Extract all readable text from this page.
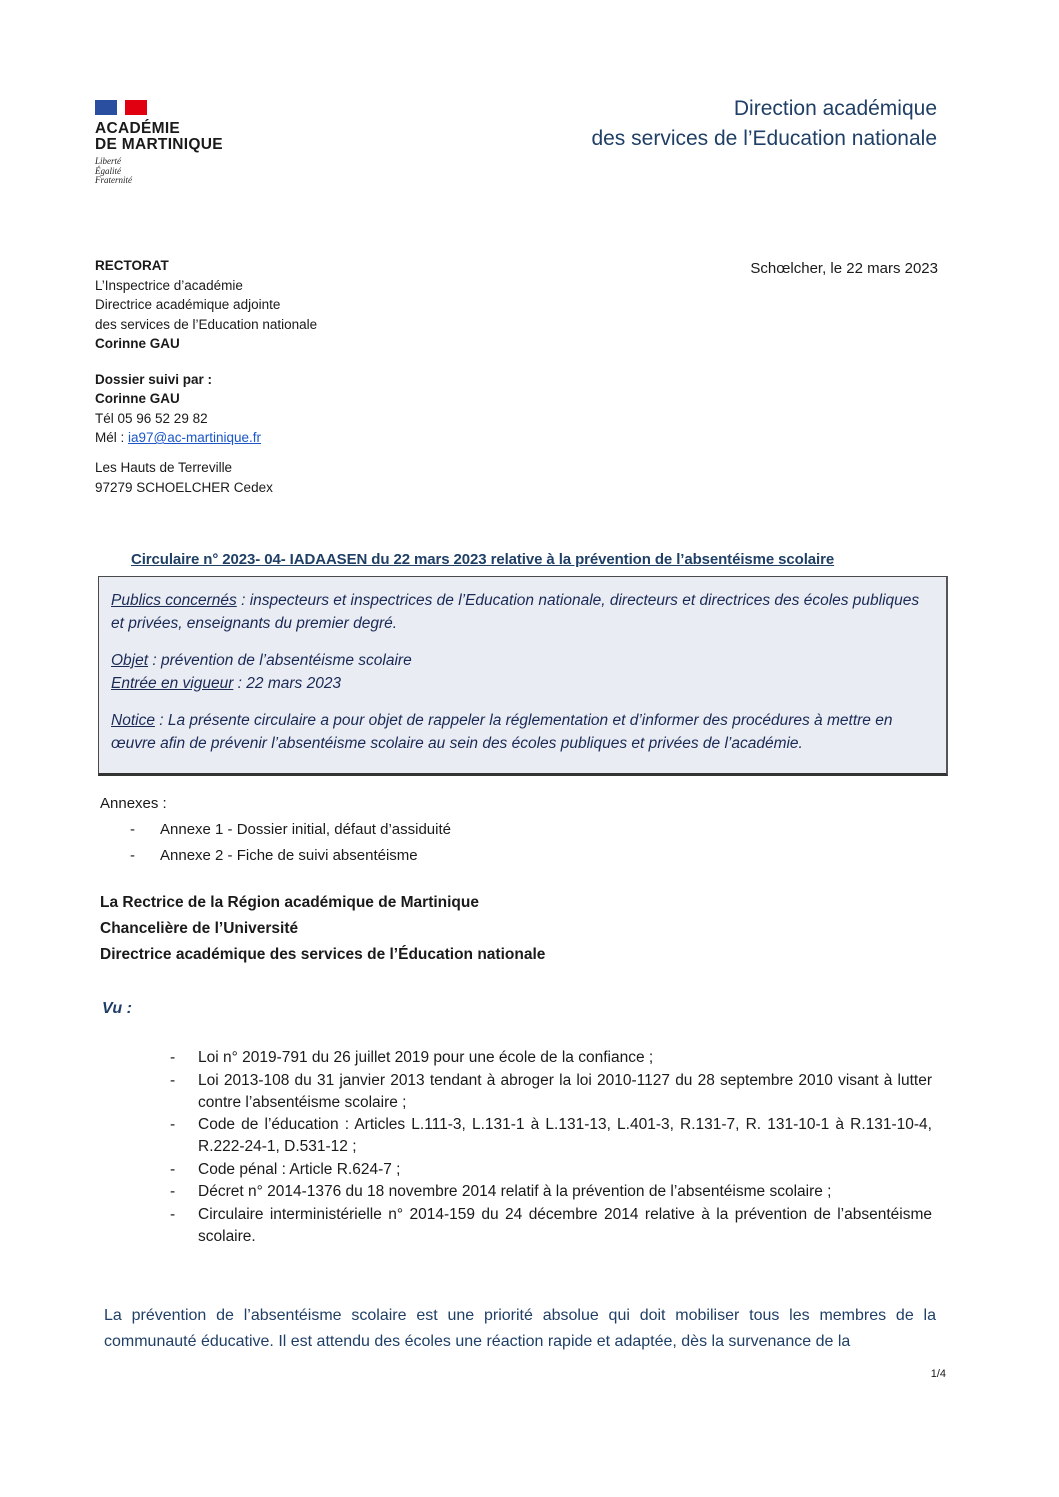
ACADÉMIE
DE MARTINIQUE
Liberté
Égalité
Fraternité
Direction académique
des services de l’Education nationale
RECTORAT
L’Inspectrice d’académie
Directrice académique adjointe
des services de l’Education nationale
Corinne GAU
Dossier suivi par :
Corinne GAU
Tél 05 96 52 29 82
Mél : ia97@ac-martinique.fr
Les Hauts de Terreville
97279 SCHOELCHER Cedex
Schœlcher, le 22 mars 2023
Circulaire n° 2023- 04- IADAASEN du 22 mars 2023 relative à la prévention de l’absentéisme scolaire

Publics concernés : inspecteurs et inspectrices de l’Education nationale, directeurs et directrices des écoles publiques et privées, enseignants du premier degré.

Objet : prévention de l’absentéisme scolaire
Entrée en vigueur : 22 mars 2023

Notice : La présente circulaire a pour objet de rappeler la réglementation et d’informer des procédures à mettre en œuvre afin de prévenir l’absentéisme scolaire au sein des écoles publiques et privées de l’académie.

Annexes :
- Annexe 1 - Dossier initial, défaut d’assiduité
- Annexe 2 - Fiche de suivi absentéisme
La Rectrice de la Région académique de Martinique
Chancelière de l’Université
Directrice académique des services de l’Éducation nationale
Vu :
- Loi n° 2019-791 du 26 juillet 2019 pour une école de la confiance ;
- Loi 2013-108 du 31 janvier 2013 tendant à abroger la loi 2010-1127 du 28 septembre 2010 visant à lutter contre l’absentéisme scolaire ;
- Code de l’éducation : Articles L.111-3, L.131-1 à L.131-13, L.401-3, R.131-7, R. 131-10-1 à R.131-10-4, R.222-24-1, D.531-12 ;
- Code pénal : Article R.624-7 ;
- Décret n° 2014-1376 du 18 novembre 2014 relatif à la prévention de l’absentéisme scolaire ;
- Circulaire interministérielle n° 2014-159 du 24 décembre 2014 relative à la prévention de l’absentéisme scolaire.
La prévention de l’absentéisme scolaire est une priorité absolue qui doit mobiliser tous les membres de la communauté éducative. Il est attendu des écoles une réaction rapide et adaptée, dès la survenance de la
1/4
